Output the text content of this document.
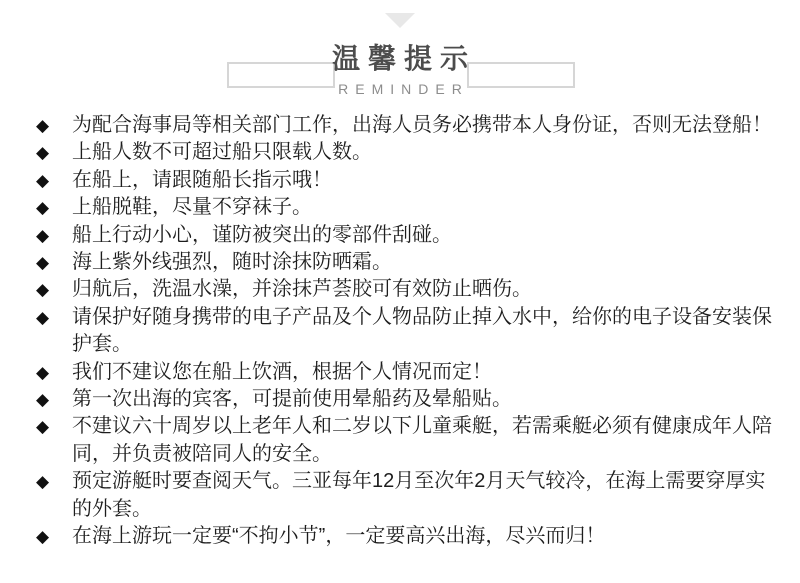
温馨提示
REMINDER
◆	为配合海事局等相关部门工作，出海人员务必携带本人身份证，否则无法登船！
◆	上船人数不可超过船只限载人数。
◆	在船上，请跟随船长指示哦！
◆	上船脱鞋，尽量不穿袜子。
◆	船上行动小心，谨防被突出的零部件刮碰。
◆	海上紫外线强烈，随时涂抹防晒霜。
◆	归航后，洗温水澡，并涂抹芦荟胶可有效防止晒伤。
◆	请保护好随身携带的电子产品及个人物品防止掉入水中，给你的电子设备安装保护套。
◆	我们不建议您在船上饮酒，根据个人情况而定！
◆	第一次出海的宾客，可提前使用晕船药及晕船贴。
◆	不建议六十周岁以上老年人和二岁以下儿童乘艇，若需乘艇必须有健康成年人陪同，并负责被陪同人的安全。
◆	预定游艇时要查阅天气。三亚每年12月至次年2月天气较冷，在海上需要穿厚实的外套。
◆	在海上游玩一定要“不拘小节”，一定要高兴出海，尽兴而归！
